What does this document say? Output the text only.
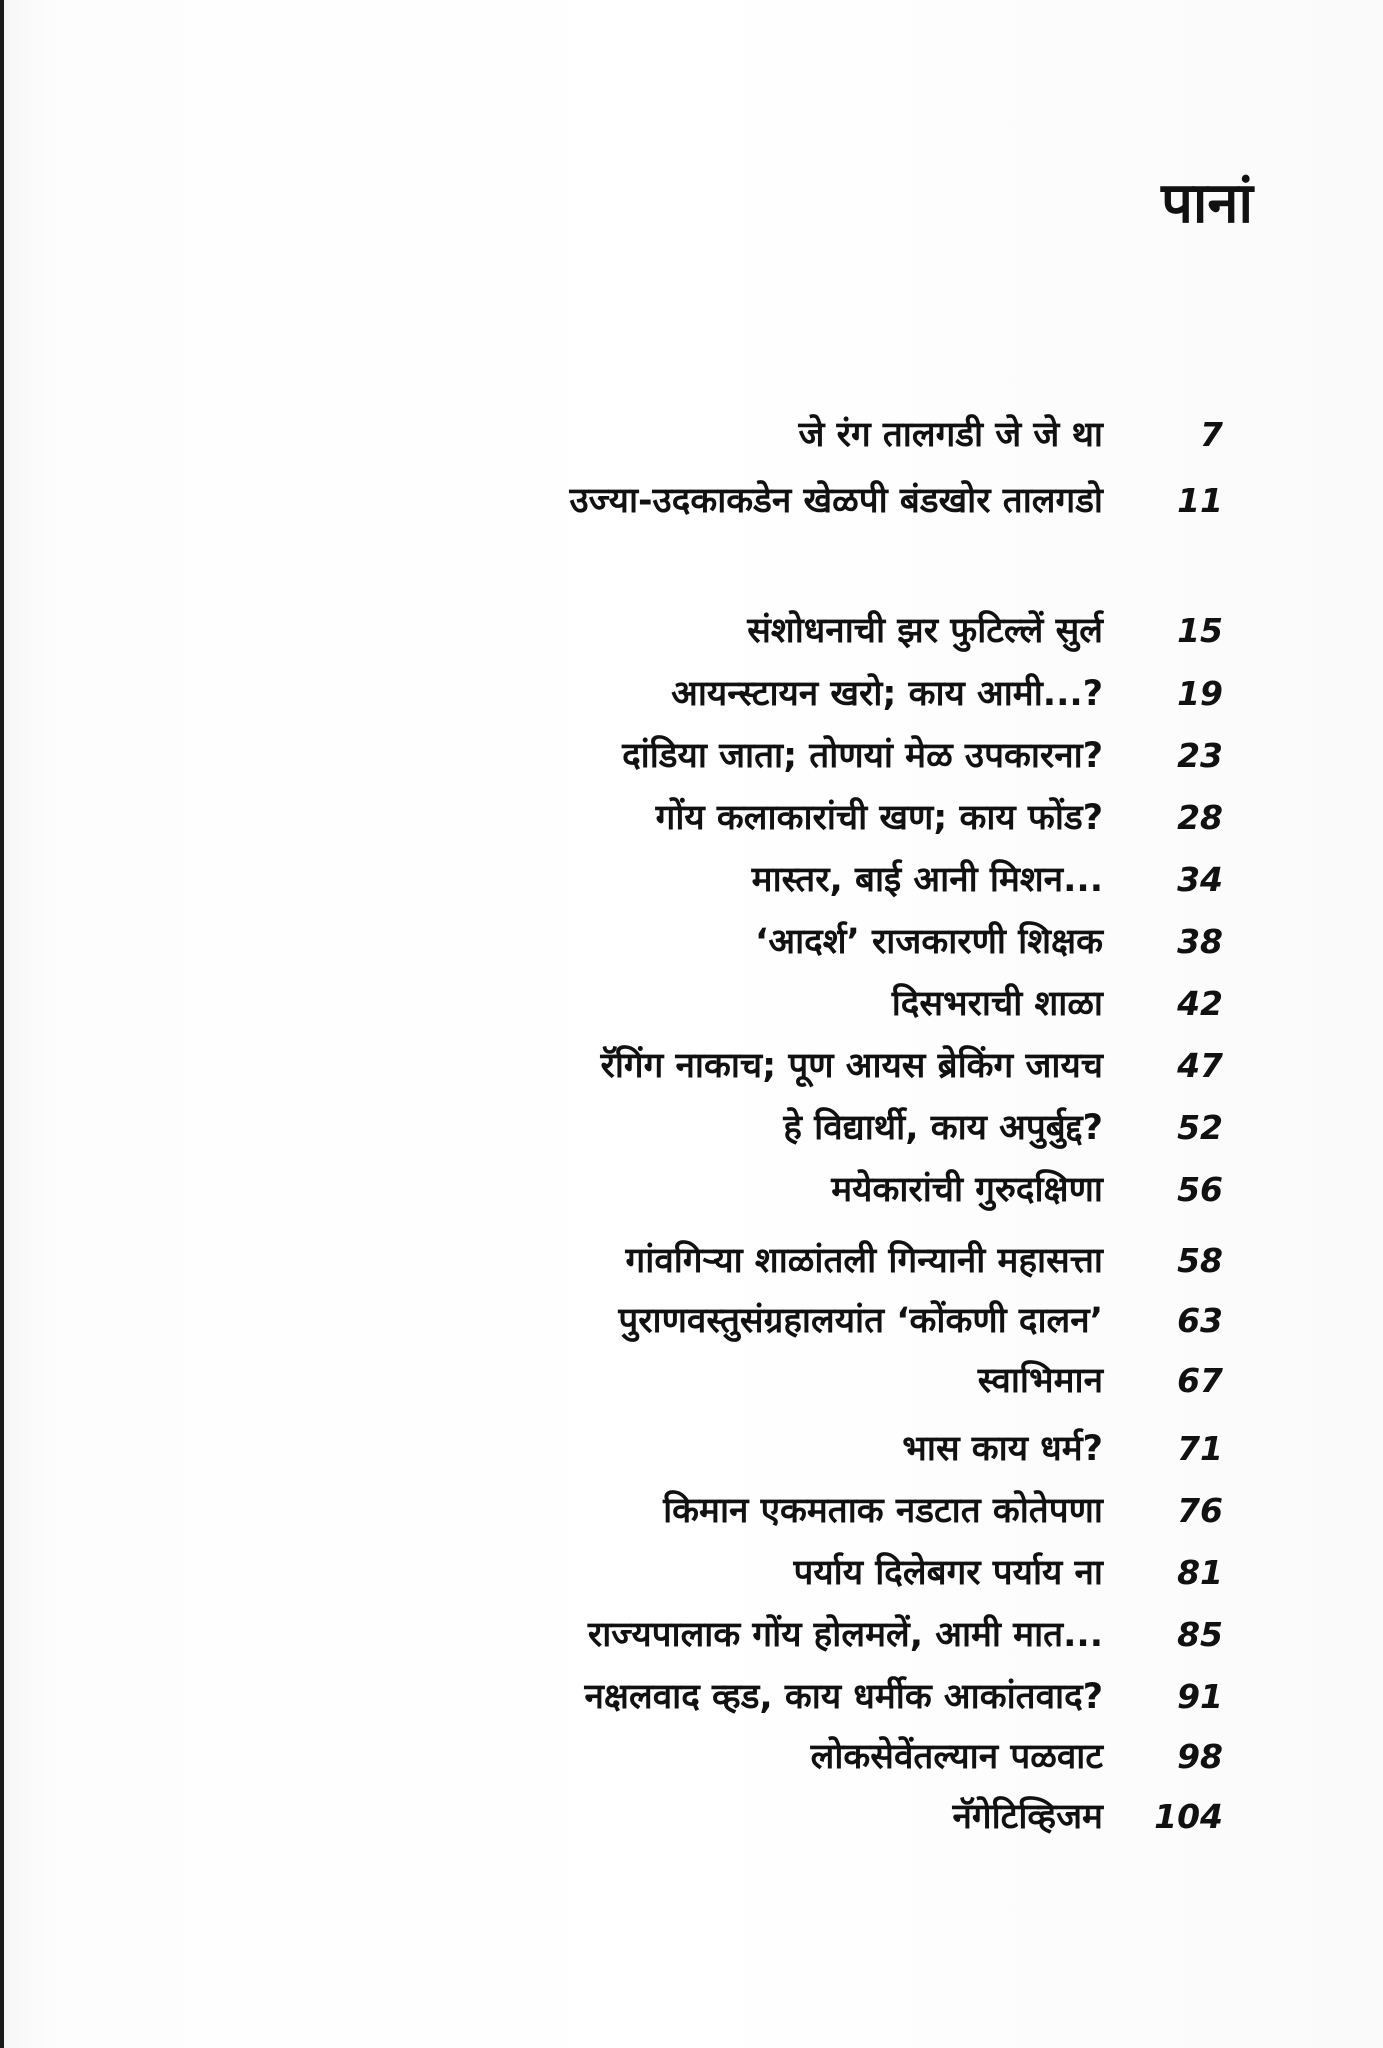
पानां
जे रंग तालगडी जे जे था	7
उज्या-उदकाकडेन खेळपी बंडखोर तालगडो	11
संशोधनाची झर फुटिल्लें सुर्ल	15
आयन्स्टायन खरो; काय आमी...?	19
दांडिया जाता; तोणयां मेळ उपकारना?	23
गोंय कलाकारांची खण; काय फोंड?	28
मास्तर, बाई आनी मिशन...	34
‘आदर्श’ राजकारणी शिक्षक	38
दिसभराची शाळा	42
रॅगिंग नाकाच; पूण आयस ब्रेकिंग जायच	47
हे विद्यार्थी, काय अपुर्बुद्द?	52
मयेकारांची गुरुदक्षिणा	56
गांवगिऱ्या शाळांतली गिन्यानी महासत्ता	58
पुराणवस्तुसंग्रहालयांत ‘कोंकणी दालन’	63
स्वाभिमान	67
भास काय धर्म?	71
किमान एकमताक नडटात कोतेपणा	76
पर्याय दिलेबगर पर्याय ना	81
राज्यपालाक गोंय होलमलें, आमी मात...	85
नक्षलवाद व्हड, काय धर्मीक आकांतवाद?	91
लोकसेवेंतल्यान पळवाट	98
नॅगेटिव्हिजम	104
